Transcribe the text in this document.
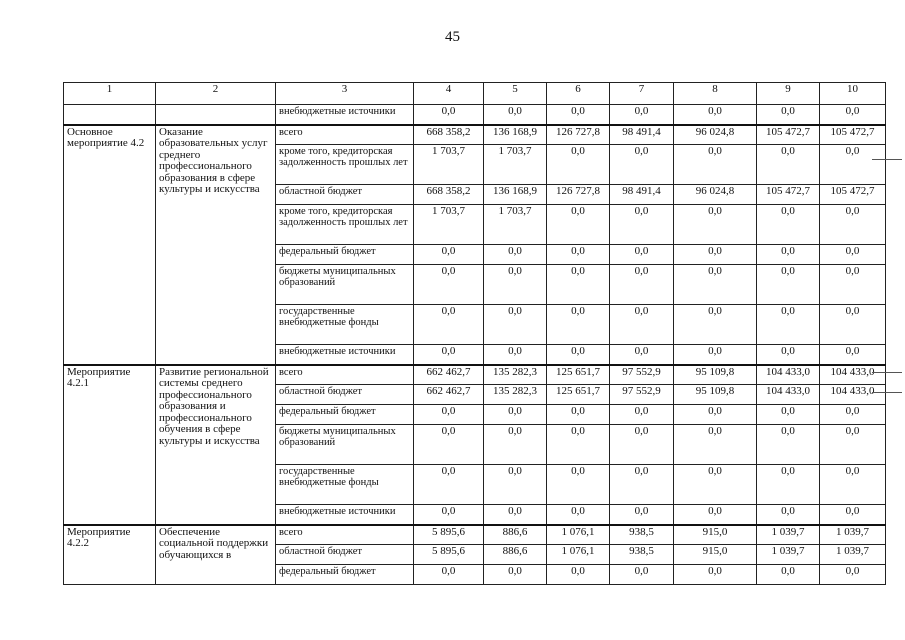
45
1	2	3	4	5	6	7	8	9	10
		внебюджетные источники	0,0	0,0	0,0	0,0	0,0	0,0	0,0
Основное мероприятие 4.2	Оказание образовательных услуг среднего профессионального образования в сфере культуры и искусства	всего	668 358,2	136 168,9	126 727,8	98 491,4	96 024,8	105 472,7	105 472,7
		кроме того, кредиторская задолженность прошлых лет	1 703,7	1 703,7	0,0	0,0	0,0	0,0	0,0
		областной бюджет	668 358,2	136 168,9	126 727,8	98 491,4	96 024,8	105 472,7	105 472,7
		кроме того, кредиторская задолженность прошлых лет	1 703,7	1 703,7	0,0	0,0	0,0	0,0	0,0
		федеральный бюджет	0,0	0,0	0,0	0,0	0,0	0,0	0,0
		бюджеты муниципальных образований	0,0	0,0	0,0	0,0	0,0	0,0	0,0
		государственные внебюджетные фонды	0,0	0,0	0,0	0,0	0,0	0,0	0,0
		внебюджетные источники	0,0	0,0	0,0	0,0	0,0	0,0	0,0
Мероприятие 4.2.1	Развитие региональной системы среднего профессионального образования и профессионального обучения в сфере культуры и искусства	всего	662 462,7	135 282,3	125 651,7	97 552,9	95 109,8	104 433,0	104 433,0
		областной бюджет	662 462,7	135 282,3	125 651,7	97 552,9	95 109,8	104 433,0	104 433,0
		федеральный бюджет	0,0	0,0	0,0	0,0	0,0	0,0	0,0
		бюджеты муниципальных образований	0,0	0,0	0,0	0,0	0,0	0,0	0,0
		государственные внебюджетные фонды	0,0	0,0	0,0	0,0	0,0	0,0	0,0
		внебюджетные источники	0,0	0,0	0,0	0,0	0,0	0,0	0,0
Мероприятие 4.2.2	Обеспечение социальной поддержки обучающихся в	всего	5 895,6	886,6	1 076,1	938,5	915,0	1 039,7	1 039,7
		областной бюджет	5 895,6	886,6	1 076,1	938,5	915,0	1 039,7	1 039,7
		федеральный бюджет	0,0	0,0	0,0	0,0	0,0	0,0	0,0
